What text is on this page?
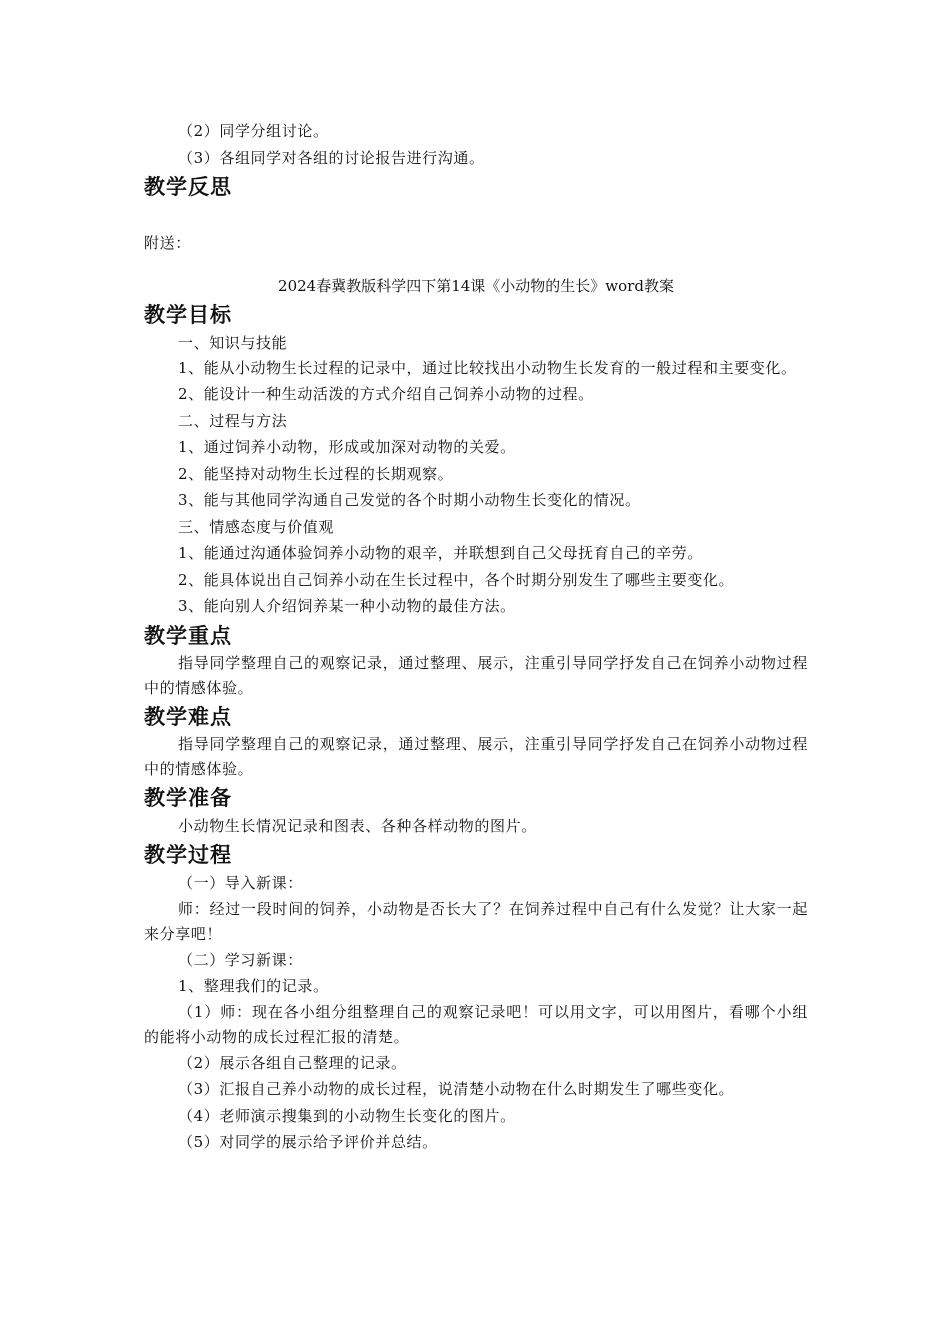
（2）同学分组讨论。

（3）各组同学对各组的讨论报告进行沟通。

教学反思

附送：

2024春冀教版科学四下第14课《小动物的生长》word教案

教学目标

一、知识与技能

1、能从小动物生长过程的记录中，通过比较找出小动物生长发育的一般过程和主要变化。

2、能设计一种生动活泼的方式介绍自己饲养小动物的过程。

二、过程与方法

1、通过饲养小动物，形成或加深对动物的关爱。

2、能坚持对动物生长过程的长期观察。

3、能与其他同学沟通自己发觉的各个时期小动物生长变化的情况。

三、情感态度与价值观

1、能通过沟通体验饲养小动物的艰辛，并联想到自己父母抚育自己的辛劳。

2、能具体说出自己饲养小动在生长过程中，各个时期分别发生了哪些主要变化。

3、能向别人介绍饲养某一种小动物的最佳方法。

教学重点

指导同学整理自己的观察记录，通过整理、展示，注重引导同学抒发自己在饲养小动物过程中的情感体验。

教学难点

指导同学整理自己的观察记录，通过整理、展示，注重引导同学抒发自己在饲养小动物过程中的情感体验。

教学准备

小动物生长情况记录和图表、各种各样动物的图片。

教学过程

（一）导入新课：

师：经过一段时间的饲养，小动物是否长大了？在饲养过程中自己有什么发觉？让大家一起来分享吧！

（二）学习新课：

1、整理我们的记录。

（1）师：现在各小组分组整理自己的观察记录吧！可以用文字，可以用图片，看哪个小组的能将小动物的成长过程汇报的清楚。

（2）展示各组自己整理的记录。

（3）汇报自己养小动物的成长过程，说清楚小动物在什么时期发生了哪些变化。

（4）老师演示搜集到的小动物生长变化的图片。

（5）对同学的展示给予评价并总结。
